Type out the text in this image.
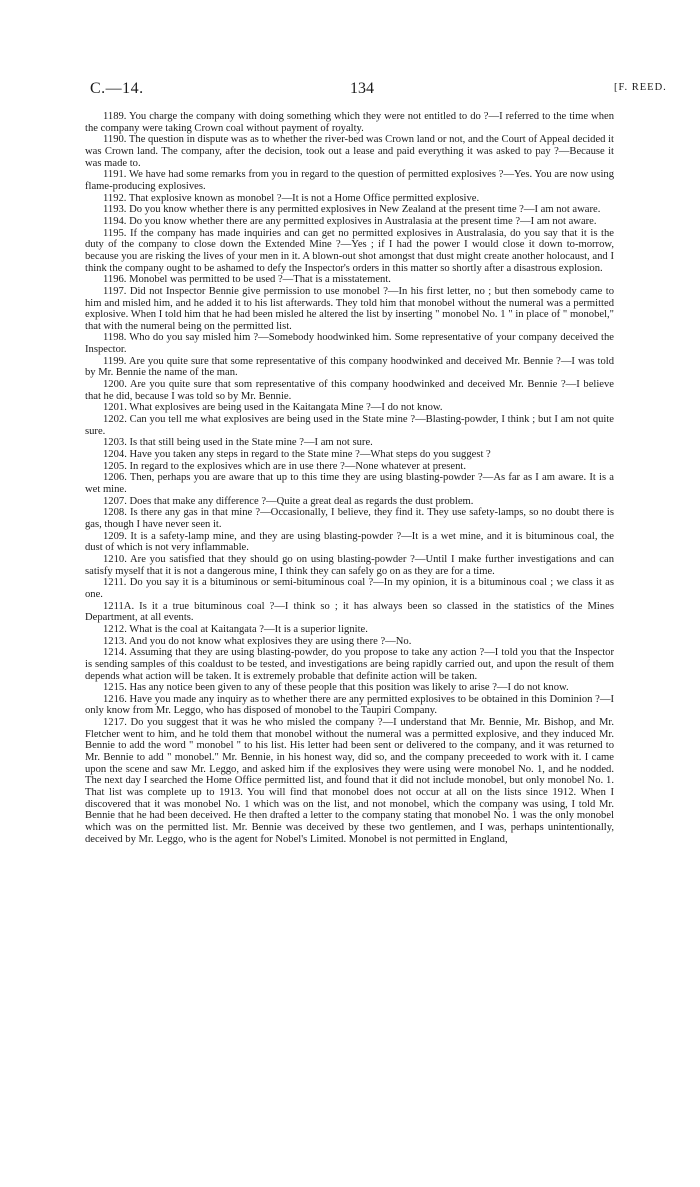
C.—14.	134	[F. REED.

1189. You charge the company with doing something which they were not entitled to do ?—I referred to the time when the company were taking Crown coal without payment of royalty.

1190. The question in dispute was as to whether the river-bed was Crown land or not, and the Court of Appeal decided it was Crown land. The company, after the decision, took out a lease and paid everything it was asked to pay ?—Because it was made to.

1191. We have had some remarks from you in regard to the question of permitted explosives ?—Yes. You are now using flame-producing explosives.

1192. That explosive known as monobel ?—It is not a Home Office permitted explosive.

1193. Do you know whether there is any permitted explosives in New Zealand at the present time ?—I am not aware.

1194. Do you know whether there are any permitted explosives in Australasia at the present time ?—I am not aware.

1195. If the company has made inquiries and can get no permitted explosives in Australasia, do you say that it is the duty of the company to close down the Extended Mine ?—Yes ; if I had the power I would close it down to-morrow, because you are risking the lives of your men in it. A blown-out shot amongst that dust might create another holocaust, and I think the company ought to be ashamed to defy the Inspector's orders in this matter so shortly after a disastrous explosion.

1196. Monobel was permitted to be used ?—That is a misstatement.

1197. Did not Inspector Bennie give permission to use monobel ?—In his first letter, no ; but then somebody came to him and misled him, and he added it to his list afterwards. They told him that monobel without the numeral was a permitted explosive. When I told him that he had been misled he altered the list by inserting " monobel No. 1 " in place of " monobel," that with the numeral being on the permitted list.

1198. Who do you say misled him ?—Somebody hoodwinked him. Some representative of your company deceived the Inspector.

1199. Are you quite sure that some representative of this company hoodwinked and deceived Mr. Bennie ?—I was told by Mr. Bennie the name of the man.

1200. Are you quite sure that som representative of this company hoodwinked and deceived Mr. Bennie ?—I believe that he did, because I was told so by Mr. Bennie.

1201. What explosives are being used in the Kaitangata Mine ?—I do not know.

1202. Can you tell me what explosives are being used in the State mine ?—Blasting-powder, I think ; but I am not quite sure.

1203. Is that still being used in the State mine ?—I am not sure.

1204. Have you taken any steps in regard to the State mine ?—What steps do you suggest ?

1205. In regard to the explosives which are in use there ?—None whatever at present.

1206. Then, perhaps you are aware that up to this time they are using blasting-powder ?—As far as I am aware. It is a wet mine.

1207. Does that make any difference ?—Quite a great deal as regards the dust problem.

1208. Is there any gas in that mine ?—Occasionally, I believe, they find it. They use safety-lamps, so no doubt there is gas, though I have never seen it.

1209. It is a safety-lamp mine, and they are using blasting-powder ?—It is a wet mine, and it is bituminous coal, the dust of which is not very inflammable.

1210. Are you satisfied that they should go on using blasting-powder ?—Until I make further investigations and can satisfy myself that it is not a dangerous mine, I think they can safely go on as they are for a time.

1211. Do you say it is a bituminous or semi-bituminous coal ?—In my opinion, it is a bituminous coal ; we class it as one.

1211A. Is it a true bituminous coal ?—I think so ; it has always been so classed in the statistics of the Mines Department, at all events.

1212. What is the coal at Kaitangata ?—It is a superior lignite.

1213. And you do not know what explosives they are using there ?—No.

1214. Assuming that they are using blasting-powder, do you propose to take any action ?—I told you that the Inspector is sending samples of this coaldust to be tested, and investigations are being rapidly carried out, and upon the result of them depends what action will be taken. It is extremely probable that definite action will be taken.

1215. Has any notice been given to any of these people that this position was likely to arise ?—I do not know.

1216. Have you made any inquiry as to whether there are any permitted explosives to be obtained in this Dominion ?—I only know from Mr. Leggo, who has disposed of monobel to the Taupiri Company.

1217. Do you suggest that it was he who misled the company ?—I understand that Mr. Bennie, Mr. Bishop, and Mr. Fletcher went to him, and he told them that monobel without the numeral was a permitted explosive, and they induced Mr. Bennie to add the word " monobel " to his list. His letter had been sent or delivered to the company, and it was returned to Mr. Bennie to add " monobel." Mr. Bennie, in his honest way, did so, and the company preceeded to work with it. I came upon the scene and saw Mr. Leggo, and asked him if the explosives they were using were monobel No. 1, and he nodded. The next day I searched the Home Office permitted list, and found that it did not include monobel, but only monobel No. 1. That list was complete up to 1913. You will find that monobel does not occur at all on the lists since 1912. When I discovered that it was monobel No. 1 which was on the list, and not monobel, which the company was using, I told Mr. Bennie that he had been deceived. He then drafted a letter to the company stating that monobel No. 1 was the only monobel which was on the permitted list. Mr. Bennie was deceived by these two gentlemen, and I was, perhaps unintentionally, deceived by Mr. Leggo, who is the agent for Nobel's Limited. Monobel is not permitted in England,
